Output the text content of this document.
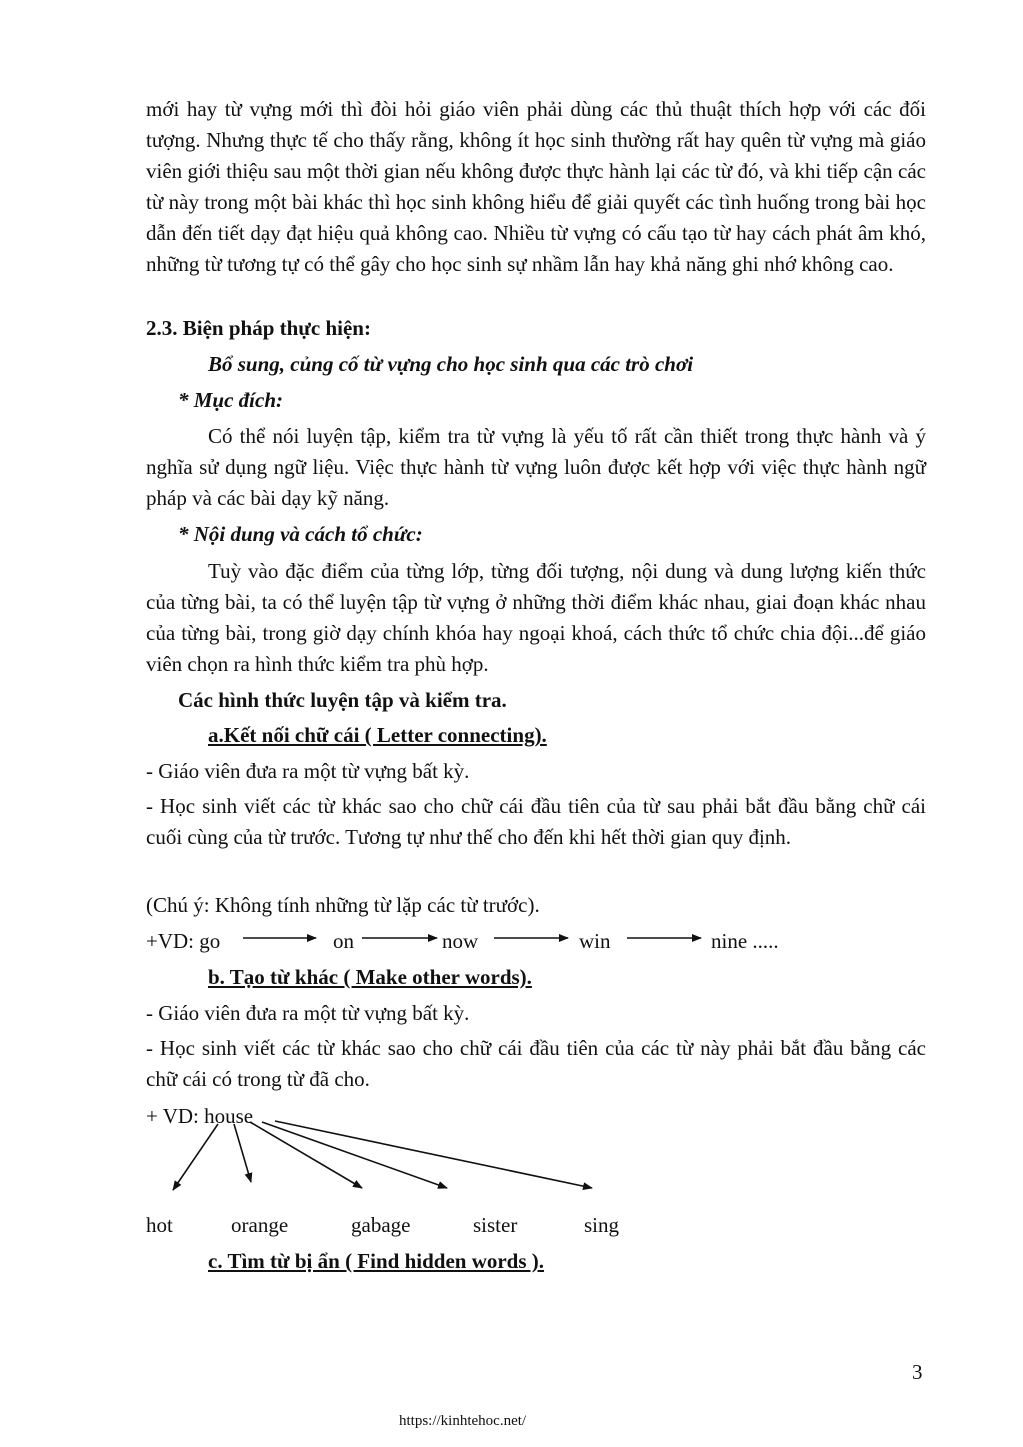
mới hay từ vựng mới thì đòi hỏi giáo viên phải dùng các thủ thuật thích hợp với các đối tượng. Nhưng thực tế cho thấy rằng, không ít học sinh thường rất hay quên từ vựng mà giáo viên giới thiệu sau một thời gian nếu không được thực hành lại các từ đó, và khi tiếp cận các từ này trong một bài khác thì học sinh không hiểu để giải quyết các tình huống trong bài học dẫn đến tiết dạy đạt hiệu quả không cao. Nhiều từ vựng có cấu tạo từ hay cách phát âm khó, những từ tương tự có thể gây cho học sinh sự nhầm lẫn hay khả năng ghi nhớ không cao.
2.3. Biện pháp thực hiện:
Bổ sung, củng cố từ vựng cho học sinh qua các trò chơi
* Mục đích:
Có thể nói luyện tập, kiểm tra từ vựng là yếu tố rất cần thiết trong thực hành và ý nghĩa sử dụng ngữ liệu. Việc thực hành từ vựng luôn được kết hợp với việc thực hành ngữ pháp và các bài dạy kỹ năng.
* Nội dung và cách tổ chức:
Tuỳ vào đặc điểm của từng lớp, từng đối tượng, nội dung và dung lượng kiến thức của từng bài, ta có thể luyện tập từ vựng ở những thời điểm khác nhau, giai đoạn khác nhau của từng bài, trong giờ dạy chính khóa hay ngoại khoá, cách thức tổ chức chia đội...để giáo viên chọn ra hình thức kiểm tra phù hợp.
Các hình thức luyện tập và kiểm tra.
a.Kết nối chữ cái ( Letter connecting).
- Giáo viên đưa ra một từ vựng bất kỳ.
- Học sinh viết các từ khác sao cho chữ cái đầu tiên của từ sau phải bắt đầu bằng chữ cái cuối cùng của từ trước. Tương tự như thế cho đến khi hết thời gian quy định.
(Chú ý: Không tính những từ lặp các từ trước).
+VD: go	on	now	win	nine .....
b. Tạo từ khác ( Make other words).
- Giáo viên đưa ra một từ vựng bất kỳ.
- Học sinh viết các từ khác sao cho chữ cái đầu tiên của các từ này phải bắt đầu bằng các chữ cái có trong từ đã cho.
+ VD: house
hot	orange	gabage	sister	sing
c. Tìm từ bị ẩn ( Find hidden words ).
3
https://kinhtehoc.net/
